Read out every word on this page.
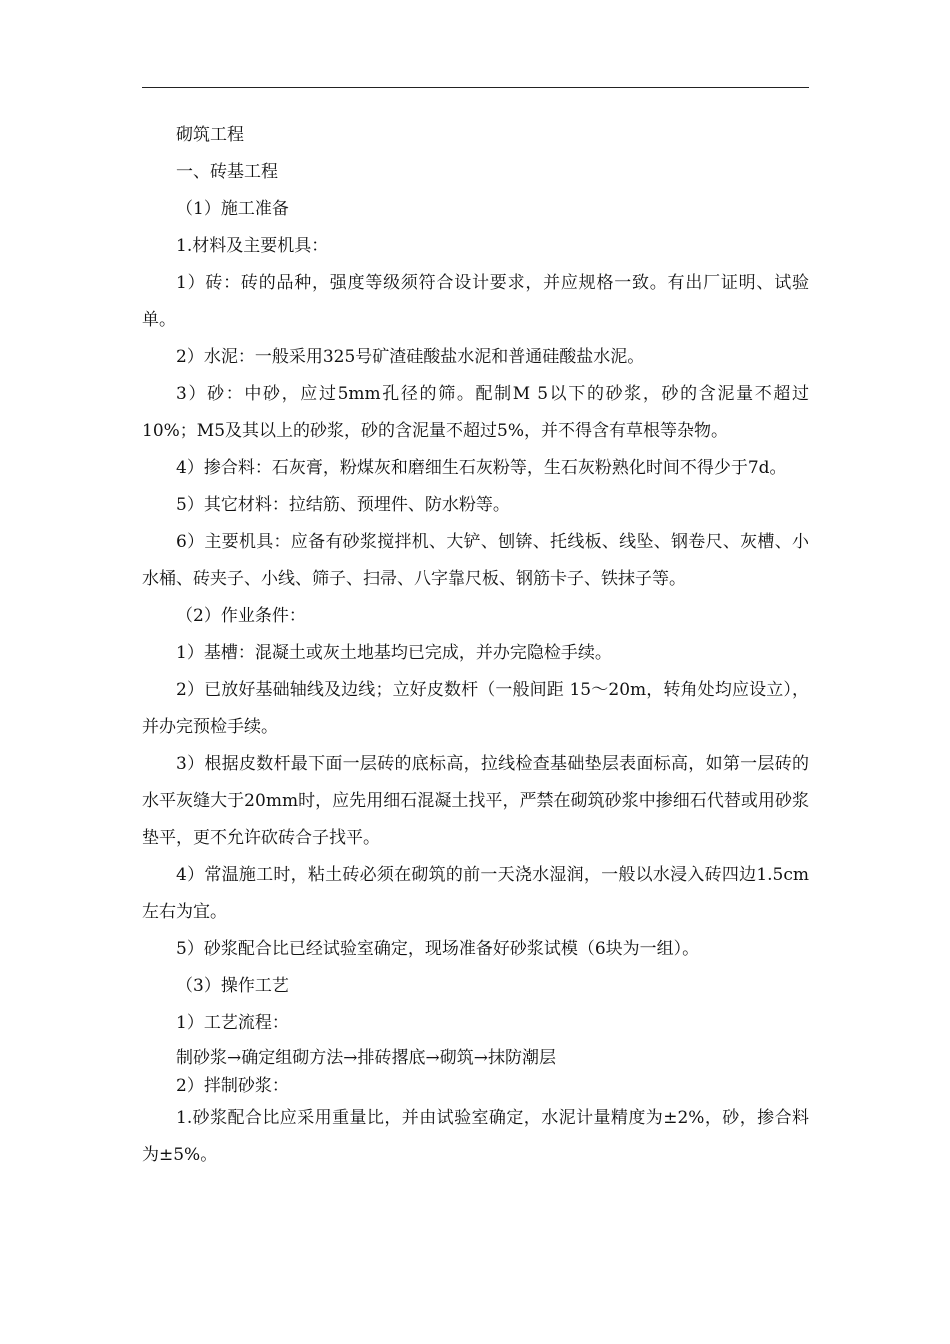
砌筑工程

一、砖基工程

（1）施工准备

1.材料及主要机具：

1）砖：砖的品种，强度等级须符合设计要求，并应规格一致。有出厂证明、试验单。

2）水泥：一般采用325号矿渣硅酸盐水泥和普通硅酸盐水泥。

3）砂：中砂，应过5mm孔径的筛。配制M 5以下的砂浆，砂的含泥量不超过10%；M5及其以上的砂浆，砂的含泥量不超过5%，并不得含有草根等杂物。

4）掺合料：石灰膏，粉煤灰和磨细生石灰粉等，生石灰粉熟化时间不得少于7d。

5）其它材料：拉结筋、预埋件、防水粉等。

6）主要机具：应备有砂浆搅拌机、大铲、刨锛、托线板、线坠、钢卷尺、灰槽、小水桶、砖夹子、小线、筛子、扫帚、八字靠尺板、钢筋卡子、铁抹子等。

（2）作业条件：

1）基槽：混凝土或灰土地基均已完成，并办完隐检手续。

2）已放好基础轴线及边线；立好皮数杆（一般间距 15～20m，转角处均应设立），并办完预检手续。

3）根据皮数杆最下面一层砖的底标高，拉线检查基础垫层表面标高，如第一层砖的水平灰缝大于20mm时，应先用细石混凝土找平，严禁在砌筑砂浆中掺细石代替或用砂浆垫平，更不允许砍砖合子找平。

4）常温施工时，粘土砖必须在砌筑的前一天浇水湿润，一般以水浸入砖四边1.5cm左右为宜。

5）砂浆配合比已经试验室确定，现场准备好砂浆试模（6块为一组）。

（3）操作工艺

1）工艺流程：

制砂浆→确定组砌方法→排砖撂底→砌筑→抹防潮层

2）拌制砂浆：

1.砂浆配合比应采用重量比，并由试验室确定，水泥计量精度为±2%，砂，掺合料为±5%。
